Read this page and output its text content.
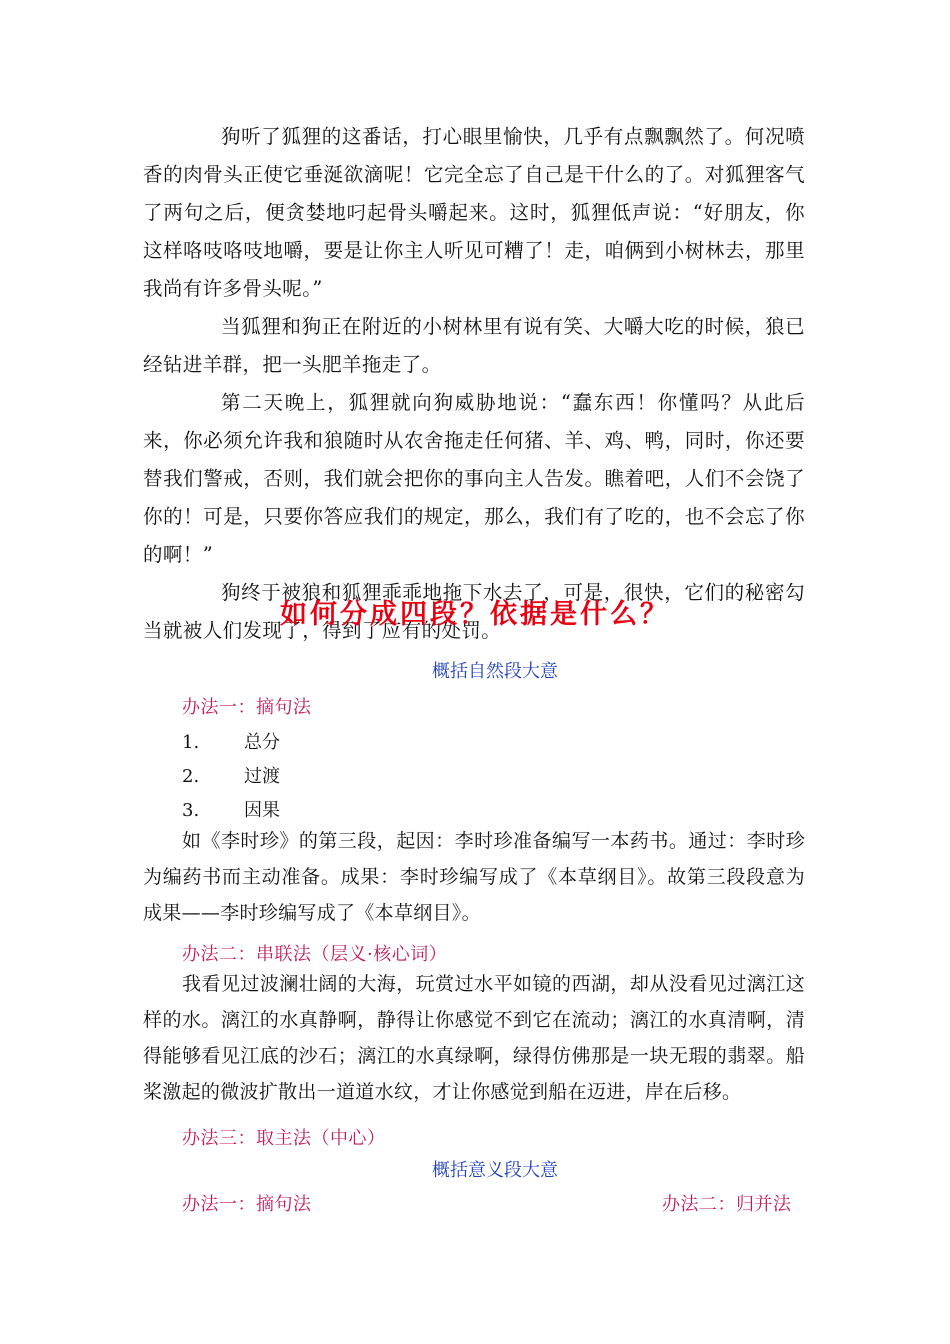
狗听了狐狸的这番话，打心眼里愉快，几乎有点飘飘然了。何况喷香的肉骨头正使它垂涎欲滴呢！它完全忘了自己是干什么的了。对狐狸客气了两句之后，便贪婪地叼起骨头嚼起来。这时，狐狸低声说：“好朋友，你这样咯吱咯吱地嚼，要是让你主人听见可糟了！走，咱俩到小树林去，那里我尚有许多骨头呢。”

当狐狸和狗正在附近的小树林里有说有笑、大嚼大吃的时候，狼已经钻进羊群，把一头肥羊拖走了。

第二天晚上，狐狸就向狗威胁地说：“蠢东西！你懂吗？从此后来，你必须允许我和狼随时从农舍拖走任何猪、羊、鸡、鸭，同时，你还要替我们警戒，否则，我们就会把你的事向主人告发。瞧着吧，人们不会饶了你的！可是，只要你答应我们的规定，那么，我们有了吃的，也不会忘了你的啊！”

狗终于被狼和狐狸乖乖地拖下水去了，可是，很快，它们的秘密勾当就被人们发现了，得到了应有的处罚。

如何分成四段？依据是什么？
概括自然段大意
办法一：摘句法
1. 总分
2. 过渡
3. 因果

如《李时珍》的第三段，起因：李时珍准备编写一本药书。通过：李时珍为编药书而主动准备。成果：李时珍编写成了《本草纲目》。故第三段段意为成果——李时珍编写成了《本草纲目》。

办法二：串联法（层义·核心词）

我看见过波澜壮阔的大海，玩赏过水平如镜的西湖，却从没看见过漓江这样的水。漓江的水真静啊，静得让你感觉不到它在流动；漓江的水真清啊，清得能够看见江底的沙石；漓江的水真绿啊，绿得仿佛那是一块无瑕的翡翠。船桨激起的微波扩散出一道道水纹，才让你感觉到船在迈进，岸在后移。

办法三：取主法（中心）
概括意义段大意
办法一：摘句法	办法二：归并法
